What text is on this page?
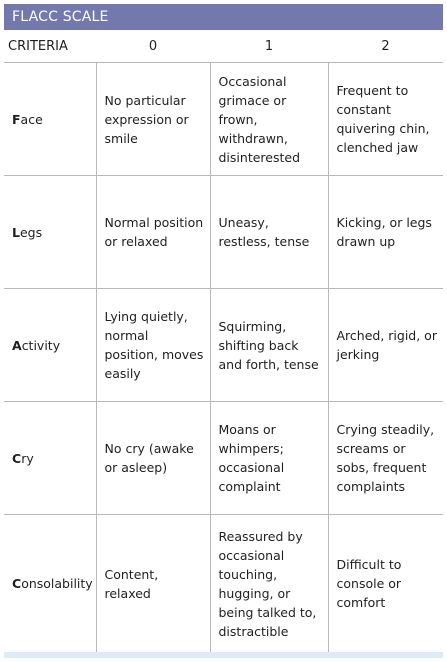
FLACC SCALE
CRITERIA	0	1	2
Face	No particular expression or smile	Occasional grimace or frown, withdrawn, disinterested	Frequent to constant quivering chin, clenched jaw
Legs	Normal position or relaxed	Uneasy, restless, tense	Kicking, or legs drawn up
Activity	Lying quietly, normal position, moves easily	Squirming, shifting back and forth, tense	Arched, rigid, or jerking
Cry	No cry (awake or asleep)	Moans or whimpers; occasional complaint	Crying steadily, screams or sobs, frequent complaints
Consolability	Content, relaxed	Reassured by occasional touching, hugging, or being talked to, distractible	Difficult to console or comfort
